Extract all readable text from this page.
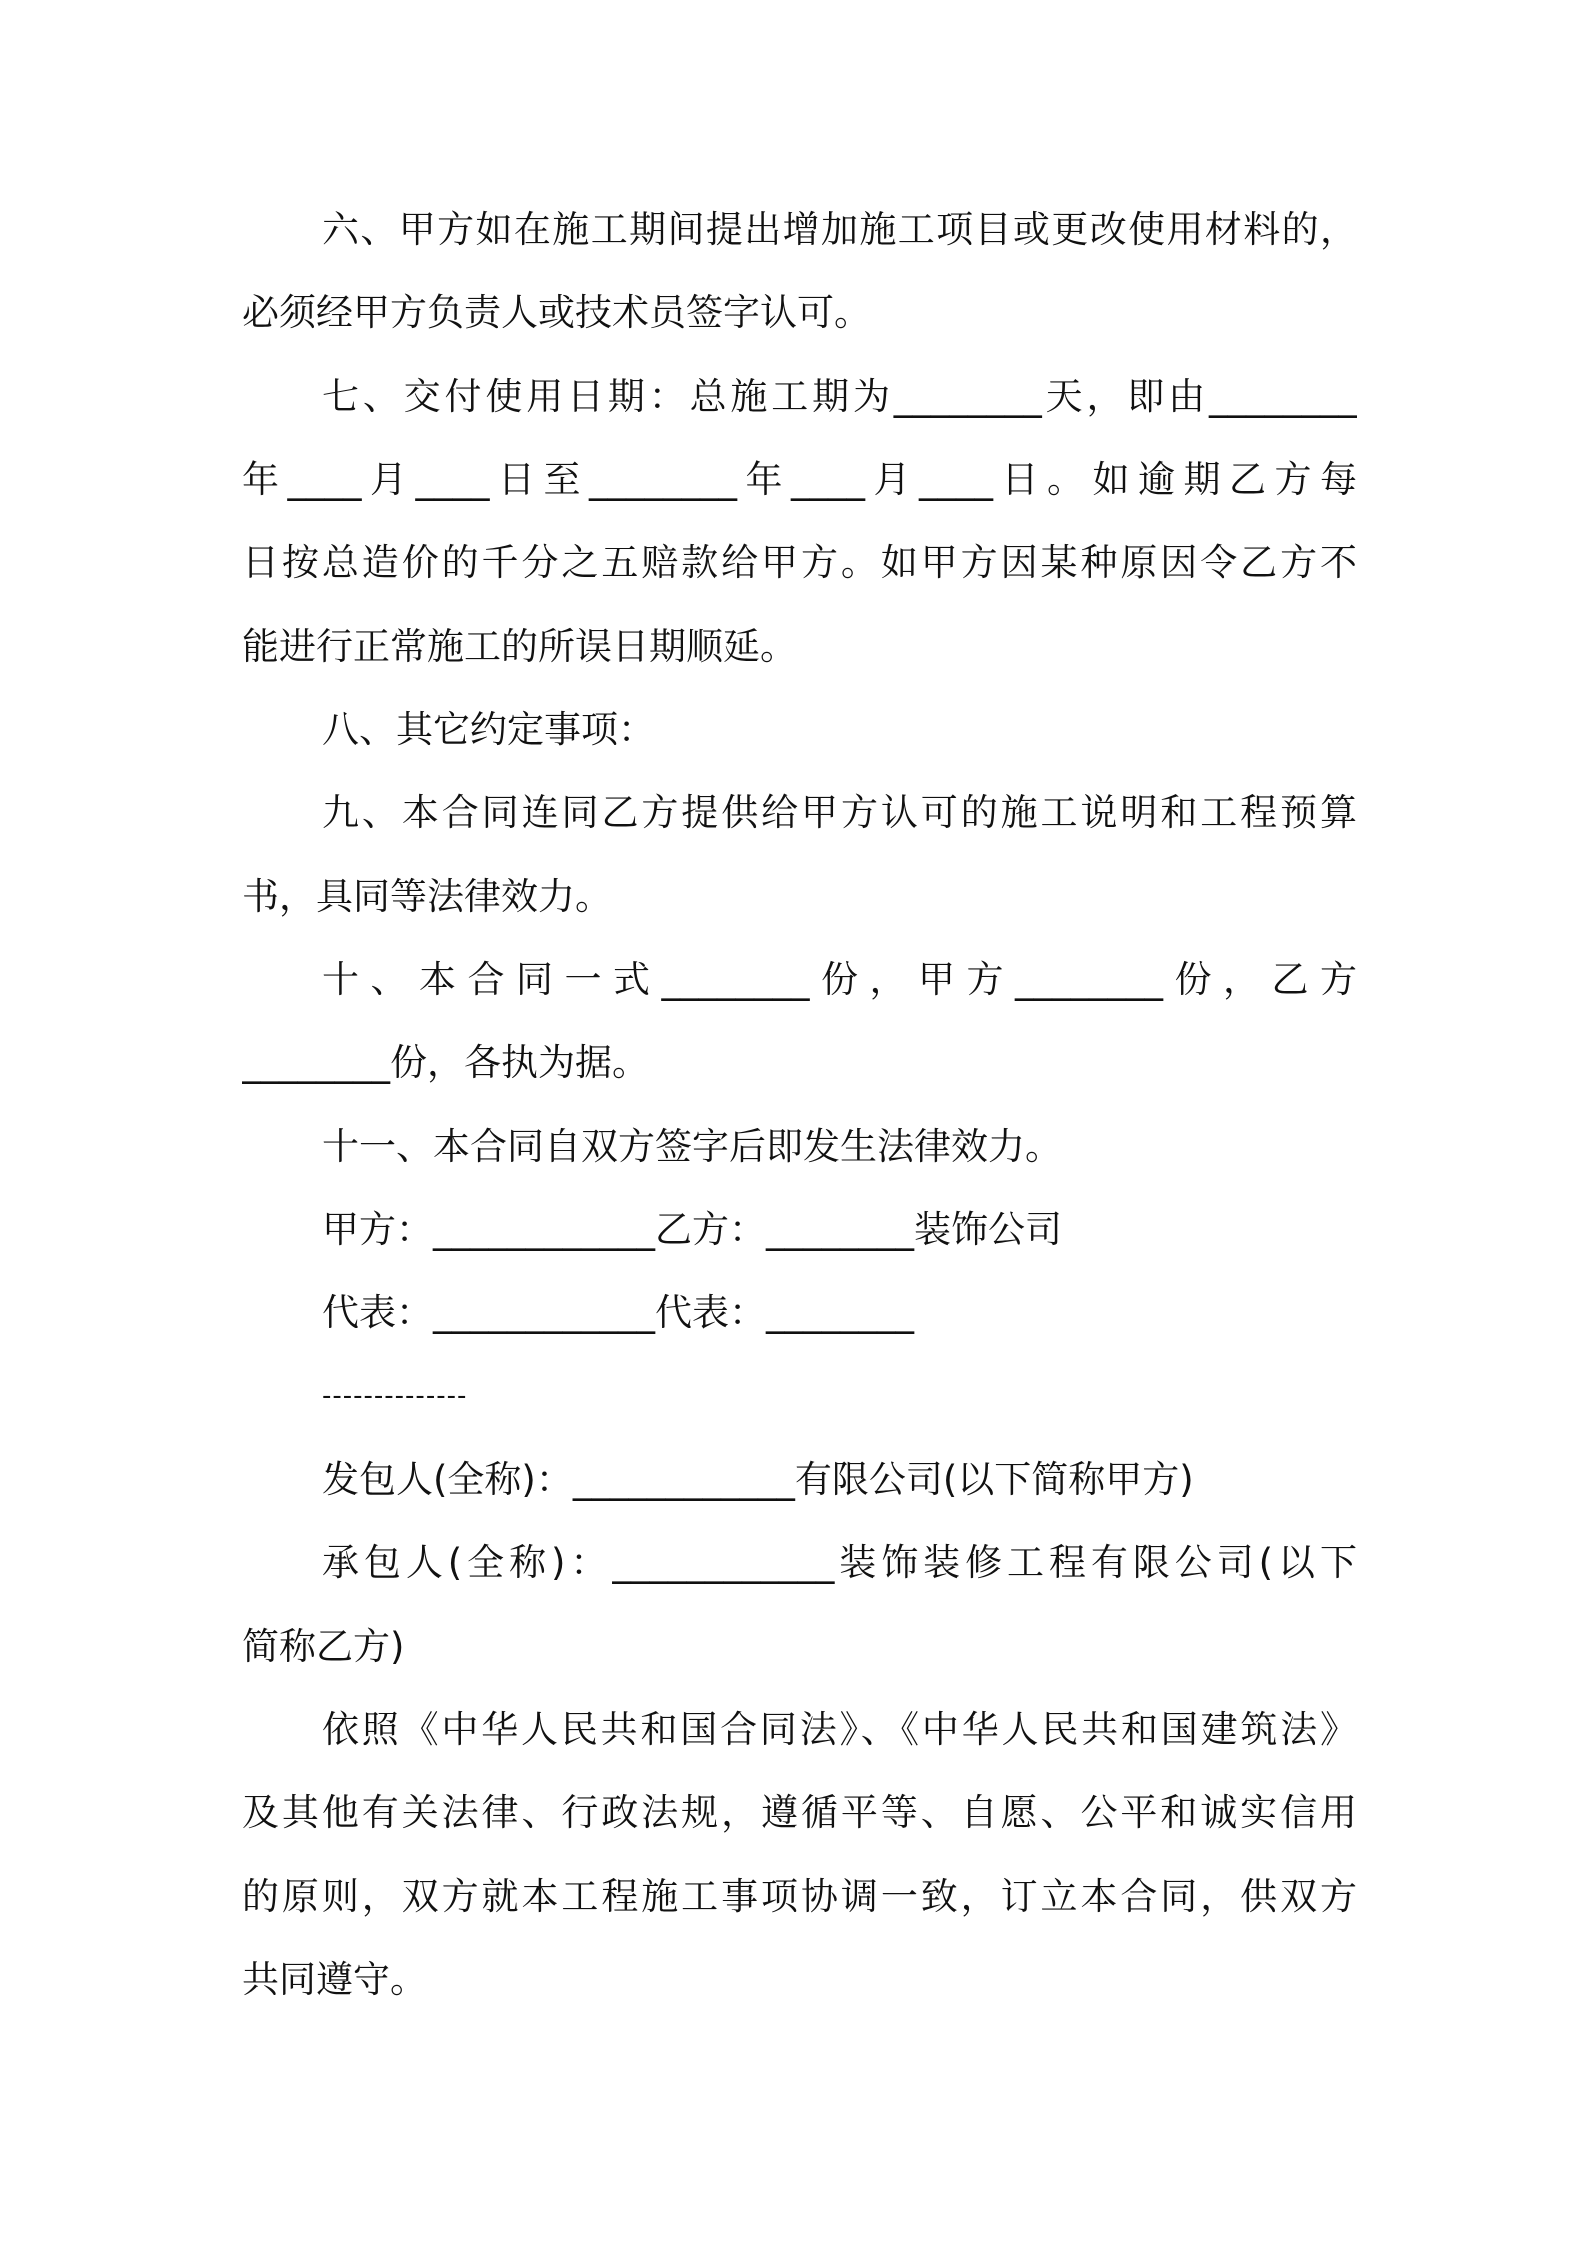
六、甲方如在施工期间提出增加施工项目或更改使用材料的，
必须经甲方负责人或技术员签字认可。
七、交付使用日期：总施工期为________天，即由________
年____月____日至________年____月____日。如逾期乙方每
日按总造价的千分之五赔款给甲方。如甲方因某种原因令乙方不
能进行正常施工的所误日期顺延。
八、其它约定事项：
九、本合同连同乙方提供给甲方认可的施工说明和工程预算
书，具同等法律效力。
十、本合同一式________份，甲方________份，乙方
________份，各执为据。
十一、本合同自双方签字后即发生法律效力。
甲方：____________乙方：________装饰公司
代表：____________代表：________
--------------
发包人(全称)：____________有限公司(以下简称甲方)
承包人(全称)：____________装饰装修工程有限公司(以下
简称乙方)
依照《中华人民共和国合同法》、《中华人民共和国建筑法》
及其他有关法律、行政法规，遵循平等、自愿、公平和诚实信用
的原则，双方就本工程施工事项协调一致，订立本合同，供双方
共同遵守。
